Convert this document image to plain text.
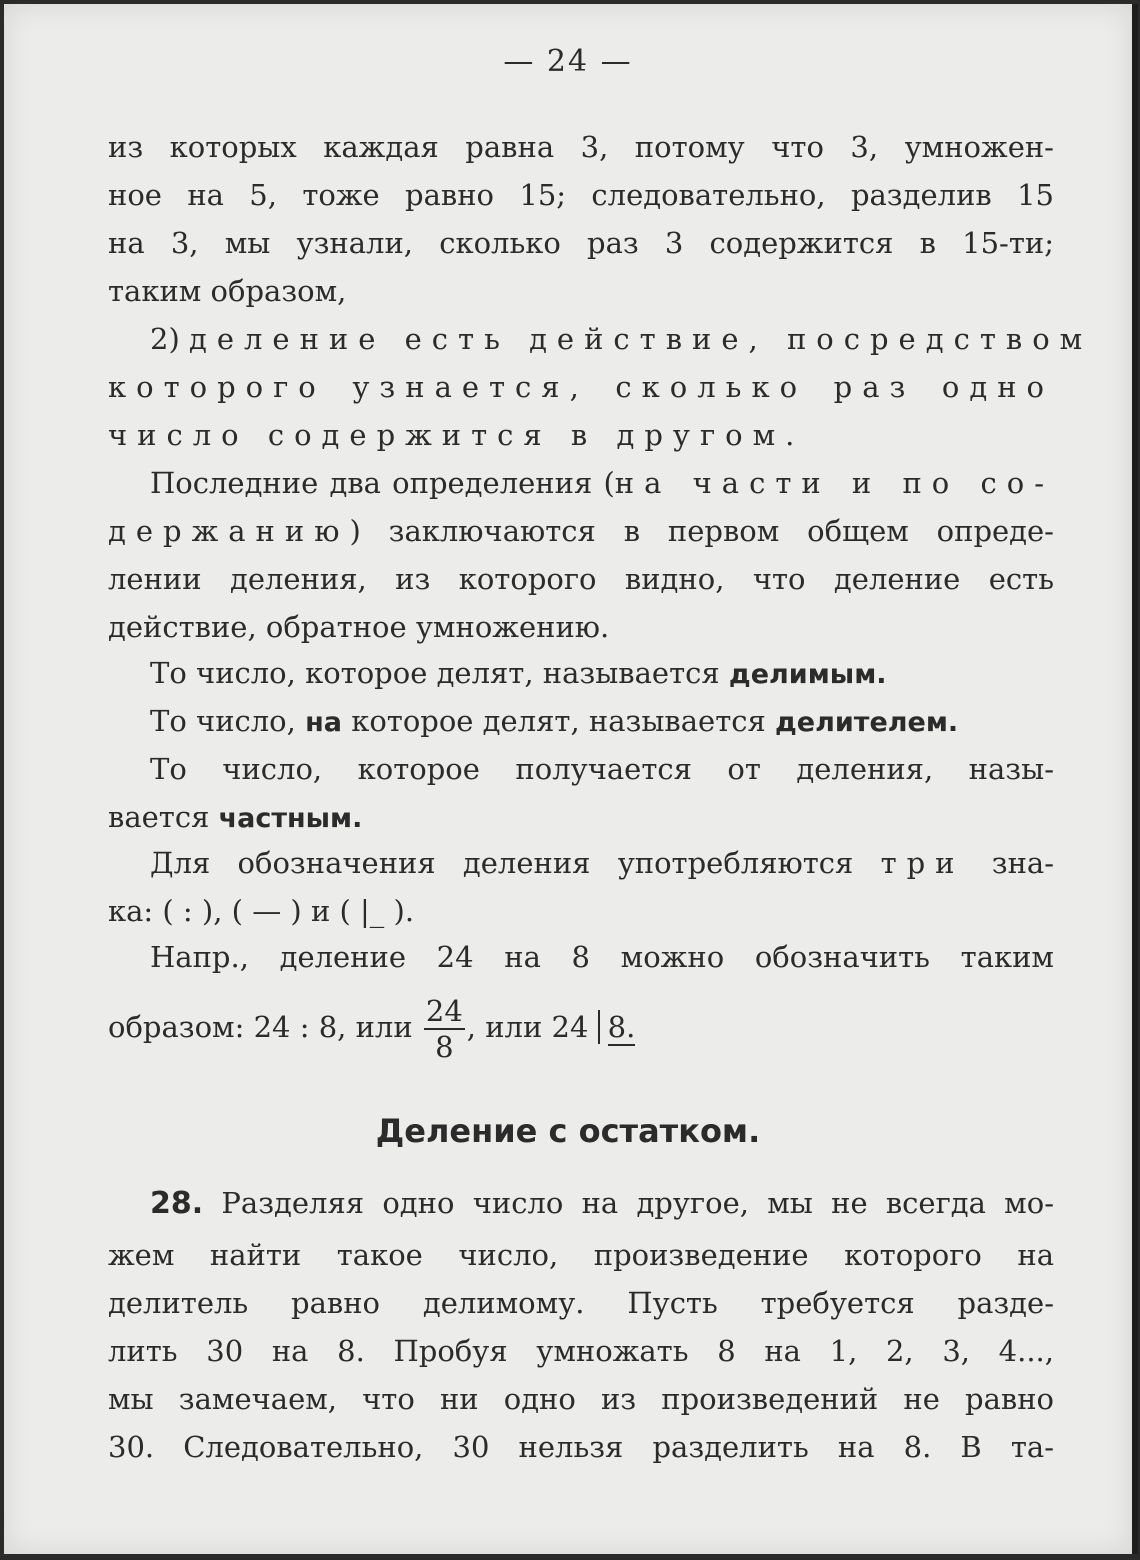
— 24 —
из которых каждая равна 3, потому что 3, умножен-
ное на 5, тоже равно 15; следовательно, разделив 15
на 3, мы узнали, сколько раз 3 содержится в 15-ти;
таким образом,
2) деление есть действие, посредством
которого узнается, сколько раз одно
число содержится в другом.
Последние два определения (на части и по со-
держанию) заключаются в первом общем опреде-
лении деления, из которого видно, что деление есть
действие, обратное умножению.
То число, которое делят, называется делимым.
То число, на которое делят, называется делителем.
То число, которое получается от деления, назы-
вается частным.
Для обозначения деления употребляются три зна-
ка: ( : ), ( — ) и ( |_ ).
Напр., деление 24 на 8 можно обозначить таким
образом: 24 : 8, или $\frac{24}{8}$ , или 24 8.
Деление с остатком.
28. Разделяя одно число на другое, мы не всегда мо-
жем найти такое число, произведение которого на
делитель равно делимому. Пусть требуется разде-
лить 30 на 8. Пробуя умножать 8 на 1, 2, 3, 4...,
мы замечаем, что ни одно из произведений не равно
30. Следовательно, 30 нельзя разделить на 8. В та-
